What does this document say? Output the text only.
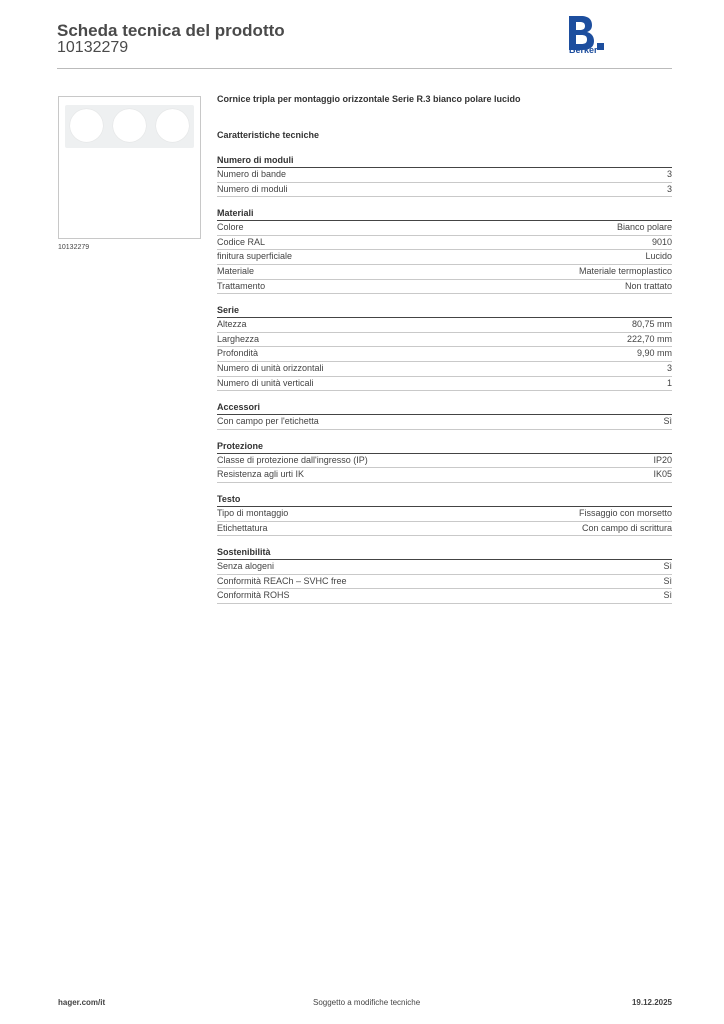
Scheda tecnica del prodotto
10132279	Berker
10132279
Cornice tripla per montaggio orizzontale Serie R.3 bianco polare lucido
Caratteristiche tecniche
Numero di moduli
Numero di bande	3
Numero di moduli	3
Materiali
Colore	Bianco polare
Codice RAL	9010
finitura superficiale	Lucido
Materiale	Materiale termoplastico
Trattamento	Non trattato
Serie
Altezza	80,75 mm
Larghezza	222,70 mm
Profondità	9,90 mm
Numero di unità orizzontali	3
Numero di unità verticali	1
Accessori
Con campo per l'etichetta	Sì
Protezione
Classe di protezione dall'ingresso (IP)	IP20
Resistenza agli urti IK	IK05
Testo
Tipo di montaggio	Fissaggio con morsetto
Etichettatura	Con campo di scrittura
Sostenibilità
Senza alogeni	Sì
Conformità REACh – SVHC free	Sì
Conformità ROHS	Sì
hager.com/it	Soggetto a modifiche tecniche	19.12.2025
